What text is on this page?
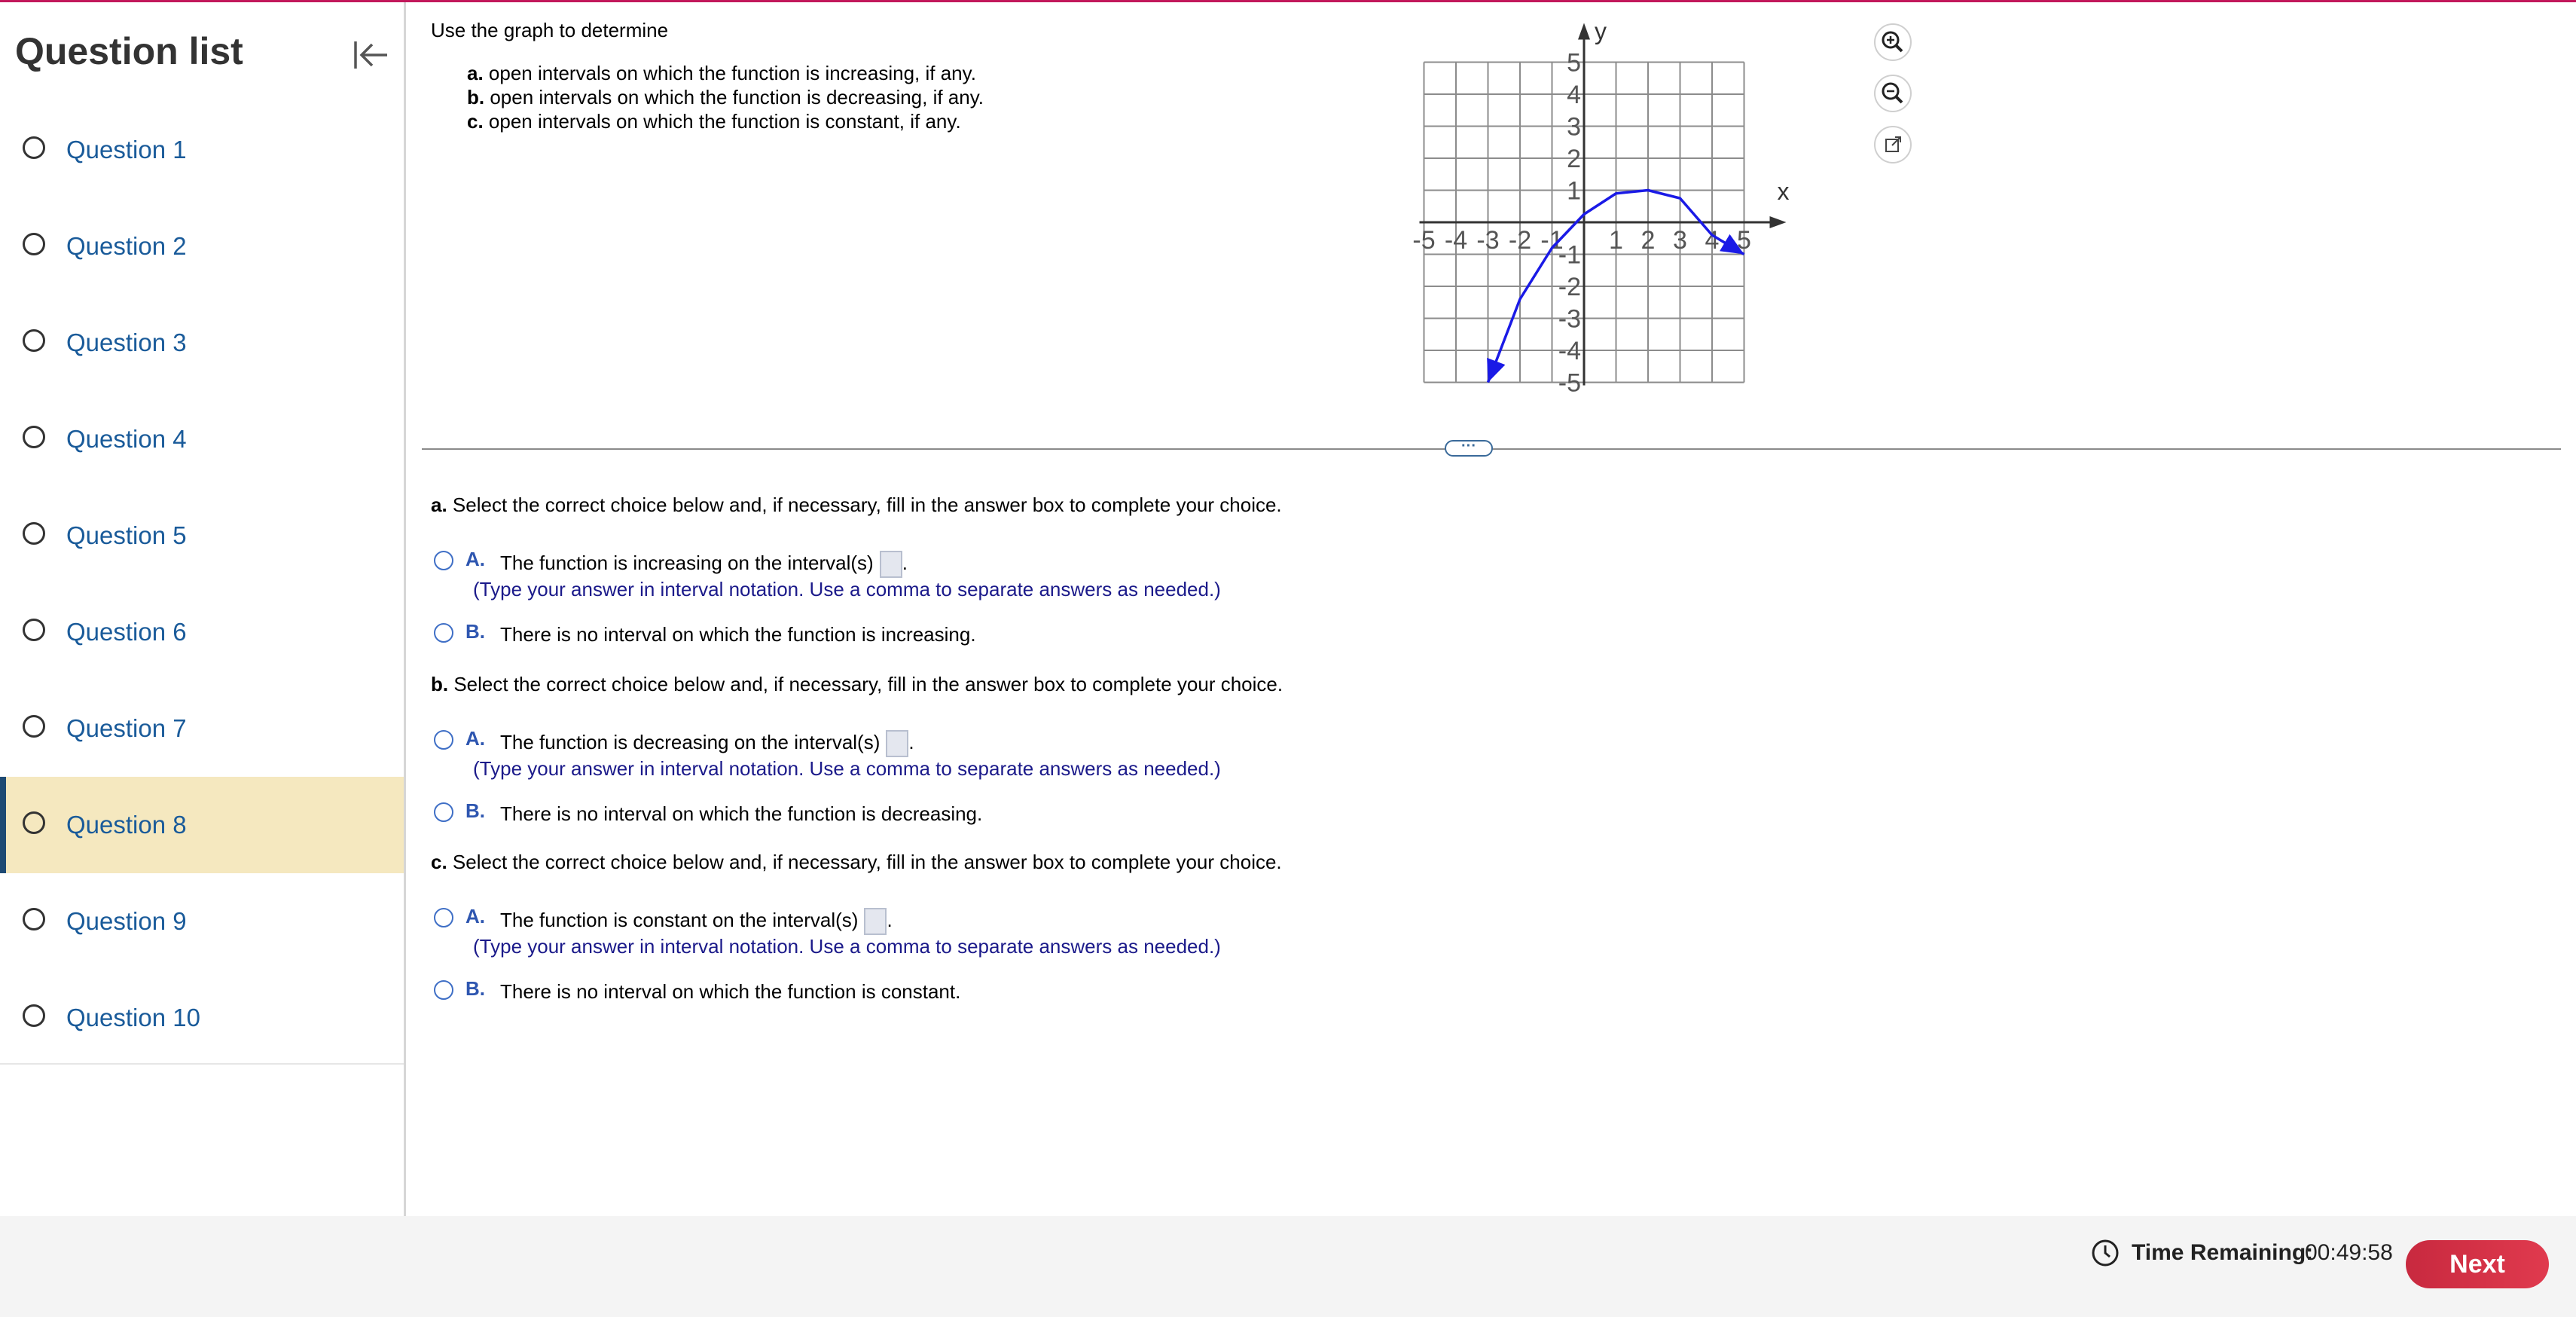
Question list
Question 1
Question 2
Question 3
Question 4
Question 5
Question 6
Question 7
Question 8
Question 9
Question 10
Use the graph to determine
a. open intervals on which the function is increasing, if any.
b. open intervals on which the function is decreasing, if any.
c. open intervals on which the function is constant, if any.
x
y
-5 -4 -3 -2 -1 1 2 3 4 5
5
4
3
2
1
-1
-2
-3
-4
-5
···
a. Select the correct choice below and, if necessary, fill in the answer box to complete your choice.
A. The function is increasing on the interval(s) .
(Type your answer in interval notation. Use a comma to separate answers as needed.)
B. There is no interval on which the function is increasing.
b. Select the correct choice below and, if necessary, fill in the answer box to complete your choice.
A. The function is decreasing on the interval(s) .
(Type your answer in interval notation. Use a comma to separate answers as needed.)
B. There is no interval on which the function is decreasing.
c. Select the correct choice below and, if necessary, fill in the answer box to complete your choice.
A. The function is constant on the interval(s) .
(Type your answer in interval notation. Use a comma to separate answers as needed.)
B. There is no interval on which the function is constant.
Time Remaining:
00:49:58	Next
